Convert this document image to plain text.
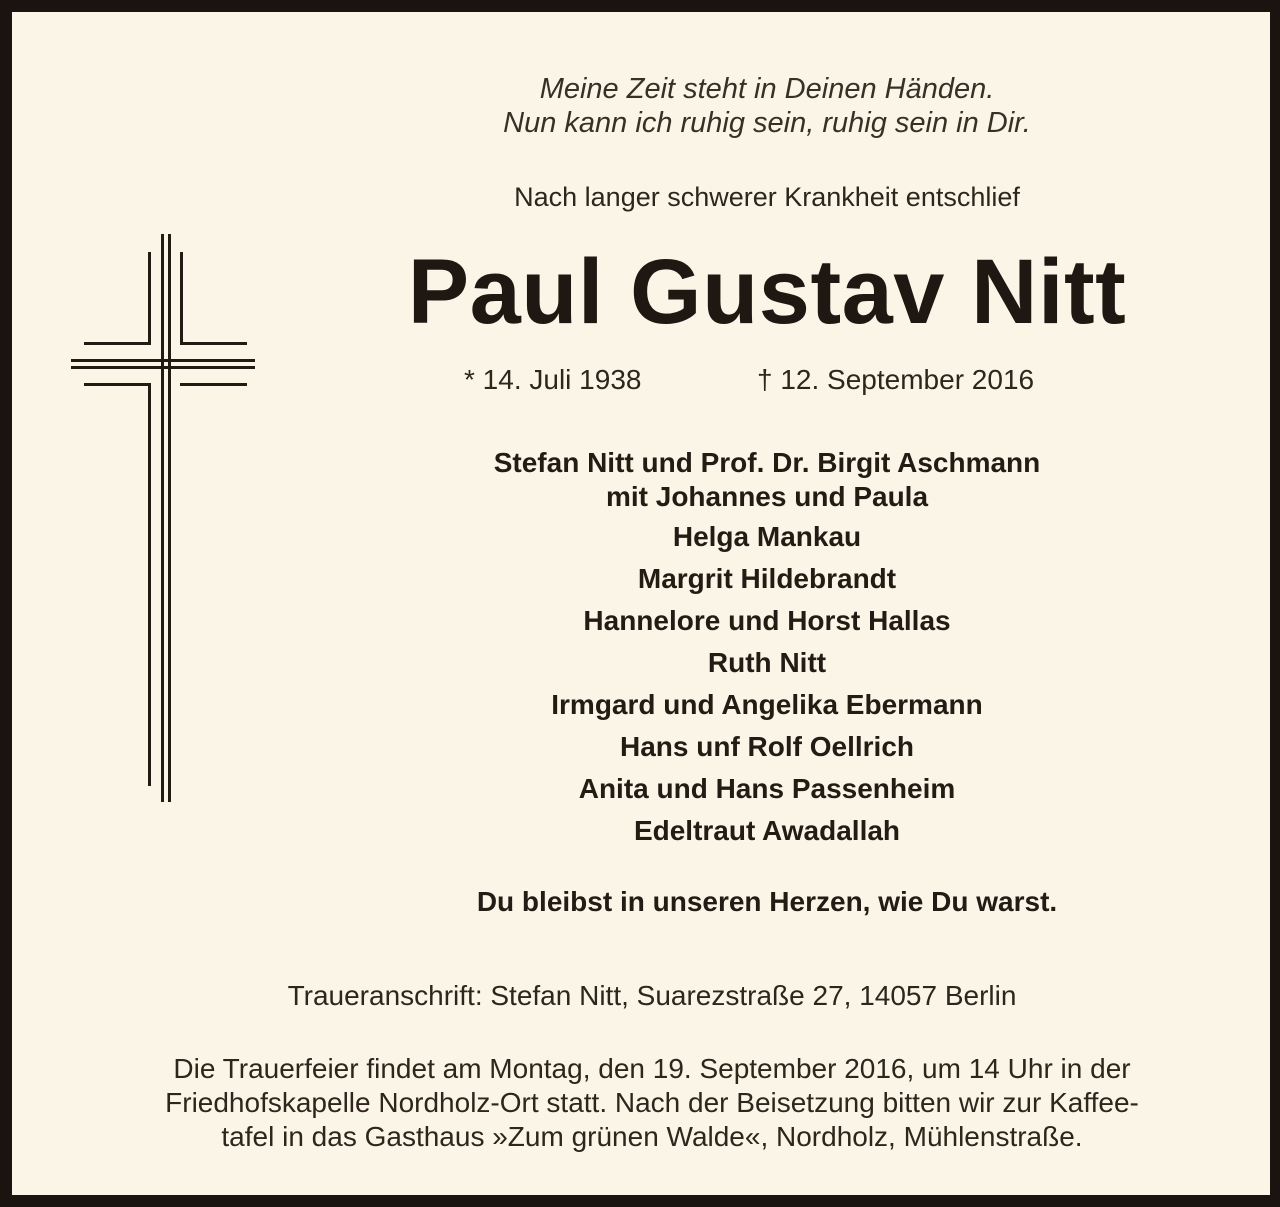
Meine Zeit steht in Deinen Händen.
Nun kann ich ruhig sein, ruhig sein in Dir.
Nach langer schwerer Krankheit entschlief
Paul Gustav Nitt
* 14. Juli 1938	† 12. September 2016
Stefan Nitt und Prof. Dr. Birgit Aschmann
mit Johannes und Paula
Helga Mankau
Margrit Hildebrandt
Hannelore und Horst Hallas
Ruth Nitt
Irmgard und Angelika Ebermann
Hans unf Rolf Oellrich
Anita und Hans Passenheim
Edeltraut Awadallah
Du bleibst in unseren Herzen, wie Du warst.
Traueranschrift: Stefan Nitt, Suarezstraße 27, 14057 Berlin
Die Trauerfeier findet am Montag, den 19. September 2016, um 14 Uhr in der
Friedhofskapelle Nordholz-Ort statt. Nach der Beisetzung bitten wir zur Kaffee-
tafel in das Gasthaus »Zum grünen Walde«, Nordholz, Mühlenstraße.
